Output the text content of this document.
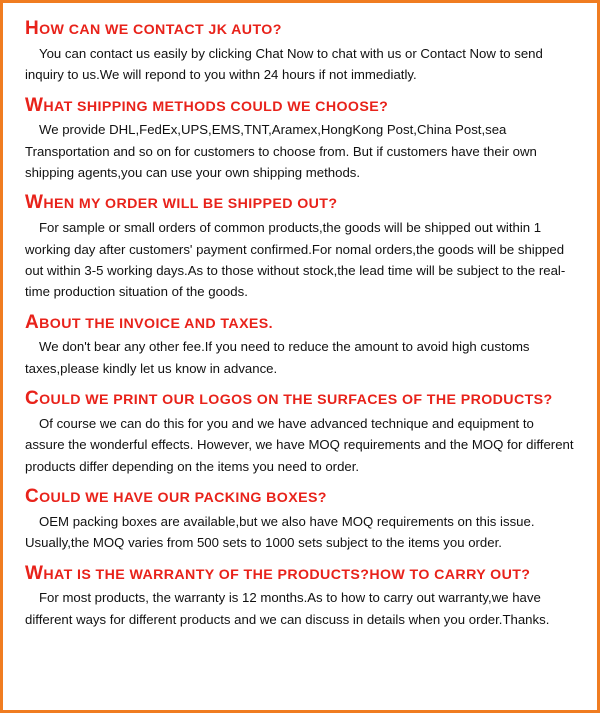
HOW CAN WE CONTACT JK AUTO?
You can contact us easily by clicking Chat Now to chat with us or Contact Now to send inquiry to us.We will repond to you withn 24 hours if not immediatly.
WHAT SHIPPING METHODS COULD WE CHOOSE?
We provide DHL,FedEx,UPS,EMS,TNT,Aramex,HongKong Post,China Post,sea Transportation and so on for customers to choose from. But if customers have their own shipping agents,you can use your own shipping methods.
WHEN MY ORDER WILL BE SHIPPED OUT?
For sample or small orders of common products,the goods will be shipped out within 1 working day after customers' payment confirmed.For nomal orders,the goods will be shipped out within 3-5 working days.As to those without stock,the lead time will be subject to the real-time production situation of the goods.
ABOUT THE INVOICE AND TAXES.
We don't bear any other fee.If you need to reduce the amount to avoid high customs taxes,please kindly let us know in advance.
COULD WE PRINT OUR LOGOS ON THE SURFACES OF THE PRODUCTS?
Of course we can do this for you and we have advanced technique and equipment to assure the wonderful effects. However, we have MOQ requirements and the MOQ for different products differ depending on the items you need to order.
COULD WE HAVE OUR PACKING BOXES?
OEM packing boxes are available,but we also have MOQ requirements on this issue. Usually,the MOQ varies from 500 sets to 1000 sets subject to the items you order.
WHAT IS THE WARRANTY OF THE PRODUCTS?HOW TO CARRY OUT?
For most products, the warranty is 12 months.As to how to carry out warranty,we have different ways for different products and we can discuss in details when you order.Thanks.
